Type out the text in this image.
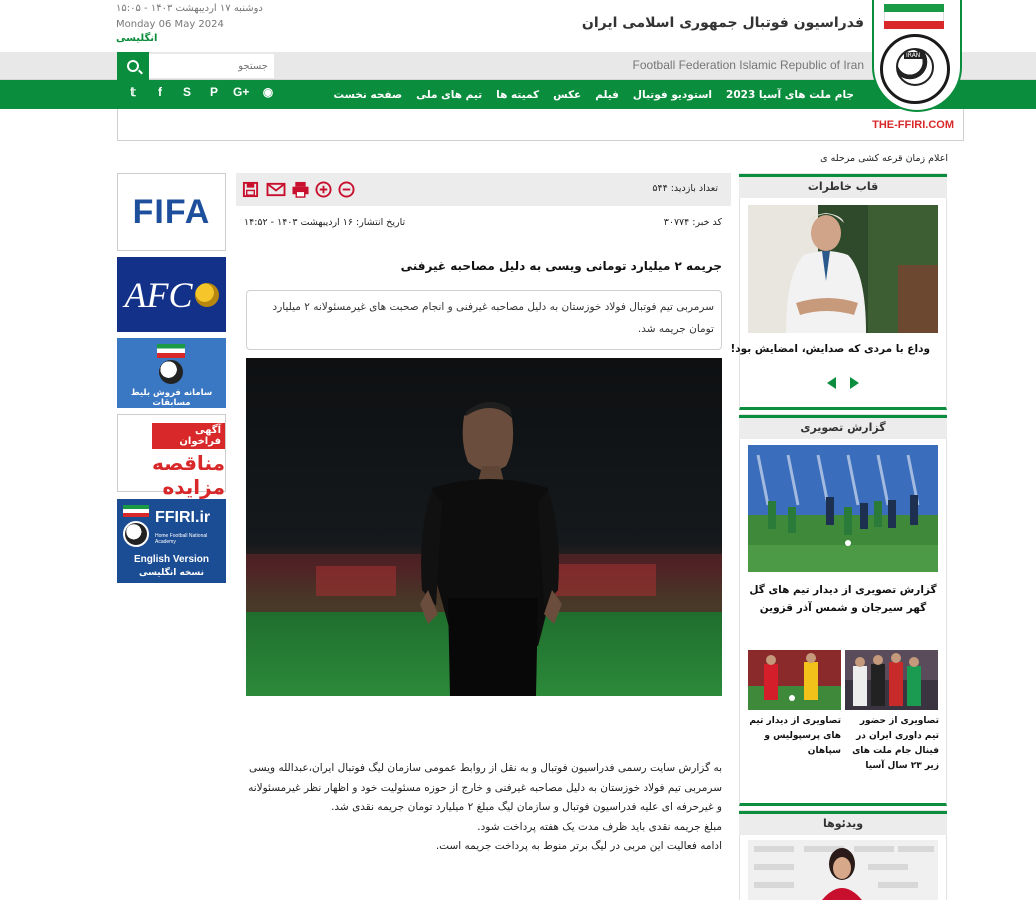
IRAN
فدراسیون فوتبال جمهوری اسلامی ایران
دوشنبه ۱۷ اردیبهشت ۱۴۰۳ - ۱۵:۰۵
Monday 06 May 2024
انگلیسی
Football Federation Islamic Republic of Iran
جستجو
صفحه نخست تیم های ملی کمیته ها عکس فیلم استودیو فوتبال جام ملت های آسیا 2023
𝕥	f	S	P	G+ ◉
THE-FFIRI.COM
اعلام زمان قرعه کشی مرحله ی
FIFA
AFC
سامانه فروش بلیط مسابقات
آگهی فراخوان
مناقصه مزایده
FFIRI.ir
Home Football National Academy
English Version
نسخه انگلیسی
تعداد بازدید: ۵۴۴
کد خبر: ۳۰۷۷۴
تاریخ انتشار: ۱۶ اردیبهشت ۱۴۰۳ - ۱۴:۵۲
جریمه ۲ میلیارد تومانی ویسی به دلیل مصاحبه غیرفنی
سرمربی تیم فوتبال فولاد خوزستان به دلیل مصاحبه غیرفنی و انجام صحبت های غیرمسئولانه ۲ میلیارد تومان جریمه شد.

به گزارش سایت رسمی فدراسیون فوتبال و به نقل از روابط عمومی سازمان لیگ فوتبال ایران،عبدالله ویسی سرمربی تیم فولاد خوزستان به دلیل مصاحبه غیرفنی و خارج از حوزه مسئولیت خود و اظهار نظر غیرمسئولانه و غیرحرفه ای علیه فدراسیون فوتبال و سازمان لیگ مبلغ ۲ میلیارد تومان جریمه نقدی شد.

مبلغ جریمه نقدی باید ظرف مدت یک هفته پرداخت شود.

ادامه فعالیت این مربی در لیگ برتر منوط به پرداخت جریمه است.

قاب خاطرات
وداع با مردی که صدایش، امضایش بود!
گزارش تصویری
گزارش تصویری از دیدار تیم های گل گهر سیرجان و شمس آذر قزوین
تصاویری از حضور تیم داوری ایران در فینال جام ملت های زیر ۲۳ سال آسیا
تصاویری از دیدار تیم های پرسپولیس و سپاهان
ویدئوها
